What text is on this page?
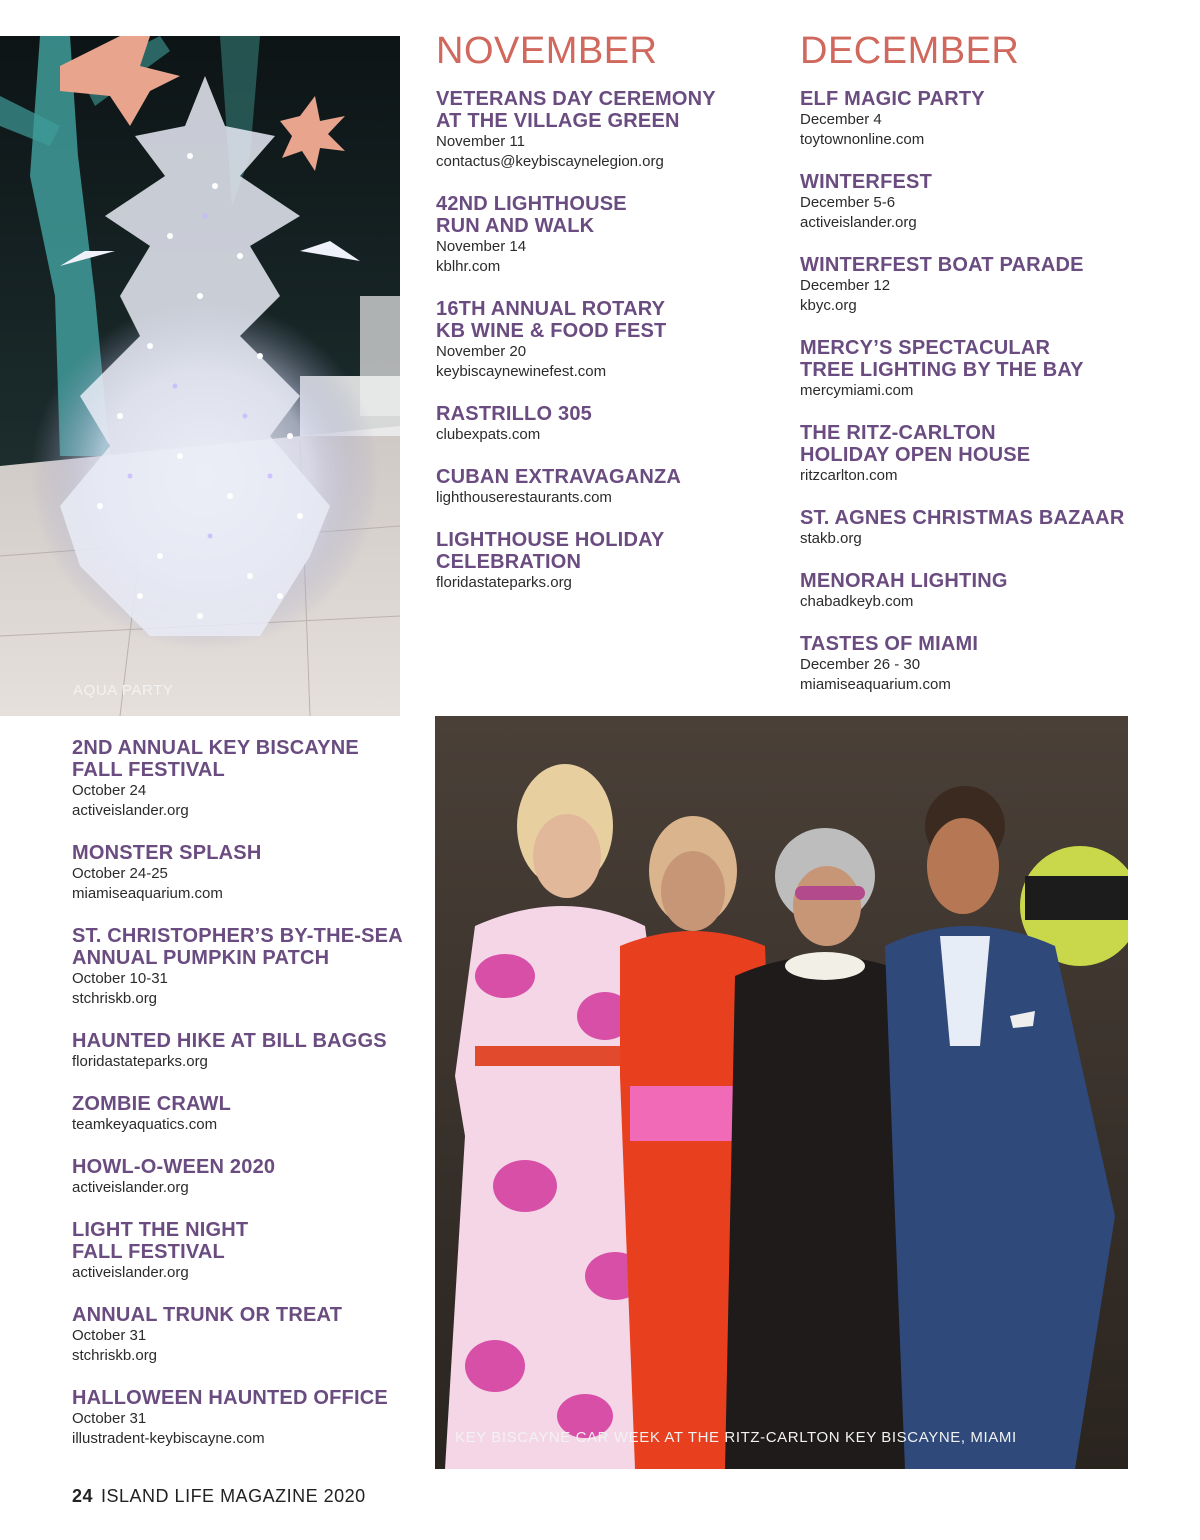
AQUA PARTY
NOVEMBER
VETERANS DAY CEREMONY
AT THE VILLAGE GREEN
November 11
contactus@keybiscaynelegion.org
42ND LIGHTHOUSE
RUN AND WALK
November 14
kblhr.com
16TH ANNUAL ROTARY
KB WINE & FOOD FEST
November 20
keybiscaynewinefest.com
RASTRILLO 305
clubexpats.com
CUBAN EXTRAVAGANZA
lighthouserestaurants.com
LIGHTHOUSE HOLIDAY
CELEBRATION
floridastateparks.org
DECEMBER
ELF MAGIC PARTY
December 4
toytownonline.com
WINTERFEST
December 5-6
activeislander.org
WINTERFEST BOAT PARADE
December 12
kbyc.org
MERCY’S SPECTACULAR
TREE LIGHTING BY THE BAY
mercymiami.com
THE RITZ-CARLTON
HOLIDAY OPEN HOUSE
ritzcarlton.com
ST. AGNES CHRISTMAS BAZAAR
stakb.org
MENORAH LIGHTING
chabadkeyb.com
TASTES OF MIAMI
December 26 - 30
miamiseaquarium.com
2ND ANNUAL KEY BISCAYNE
FALL FESTIVAL
October 24
activeislander.org
MONSTER SPLASH
October 24-25
miamiseaquarium.com
ST. CHRISTOPHER’S BY-THE-SEA
ANNUAL PUMPKIN PATCH
October 10-31
stchriskb.org
HAUNTED HIKE AT BILL BAGGS
floridastateparks.org
ZOMBIE CRAWL
teamkeyaquatics.com
HOWL-O-WEEN 2020
activeislander.org
LIGHT THE NIGHT
FALL FESTIVAL
activeislander.org
ANNUAL TRUNK OR TREAT
October 31
stchriskb.org
HALLOWEEN HAUNTED OFFICE
October 31
illustradent-keybiscayne.com	KEY BISCAYNE CAR WEEK AT THE RITZ-CARLTON KEY BISCAYNE, MIAMI
24 ISLAND LIFE MAGAZINE 2020
